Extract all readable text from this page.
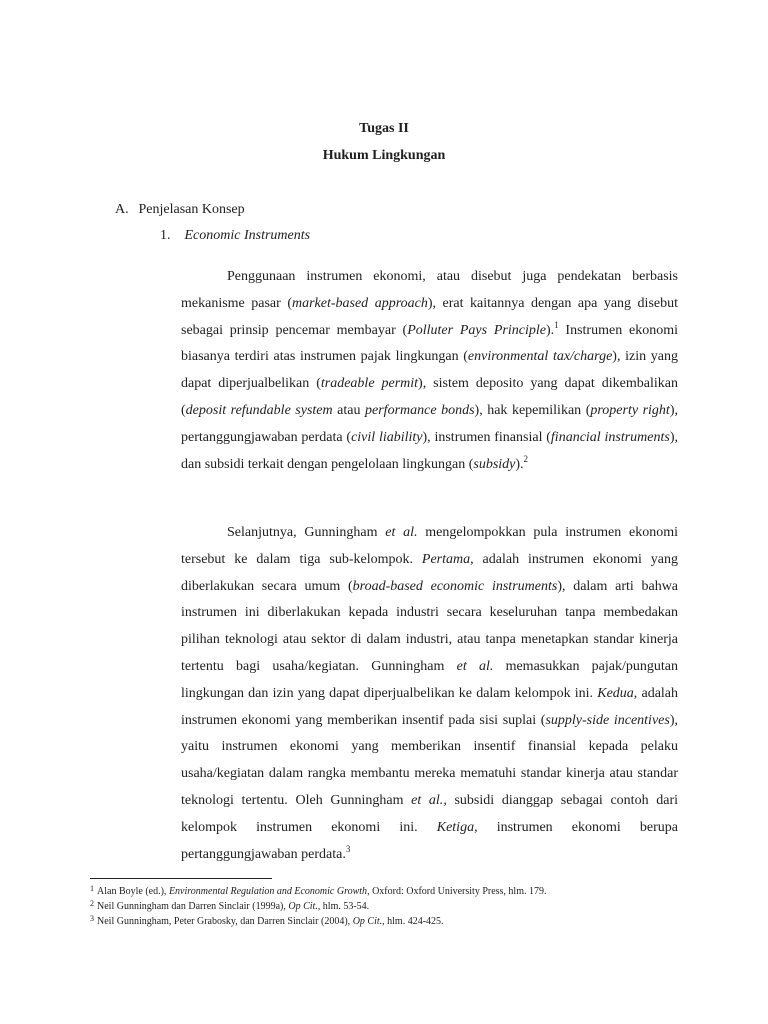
Tugas II
Hukum Lingkungan
A. Penjelasan Konsep
1. Economic Instruments

Penggunaan instrumen ekonomi, atau disebut juga pendekatan berbasis mekanisme pasar (market-based approach), erat kaitannya dengan apa yang disebut sebagai prinsip pencemar membayar (Polluter Pays Principle).$^1$ Instrumen ekonomi biasanya terdiri atas instrumen pajak lingkungan (environmental tax/charge), izin yang dapat diperjualbelikan (tradeable permit), sistem deposito yang dapat dikembalikan (deposit refundable system atau performance bonds), hak kepemilikan (property right), pertanggungjawaban perdata (civil liability), instrumen finansial (financial instruments), dan subsidi terkait dengan pengelolaan lingkungan (subsidy).$^2$

Selanjutnya, Gunningham et al. mengelompokkan pula instrumen ekonomi tersebut ke dalam tiga sub-kelompok. Pertama, adalah instrumen ekonomi yang diberlakukan secara umum (broad-based economic instruments), dalam arti bahwa instrumen ini diberlakukan kepada industri secara keseluruhan tanpa membedakan pilihan teknologi atau sektor di dalam industri, atau tanpa menetapkan standar kinerja tertentu bagi usaha/kegiatan. Gunningham et al. memasukkan pajak/pungutan lingkungan dan izin yang dapat diperjualbelikan ke dalam kelompok ini. Kedua, adalah instrumen ekonomi yang memberikan insentif pada sisi suplai (supply-side incentives), yaitu instrumen ekonomi yang memberikan insentif finansial kepada pelaku usaha/kegiatan dalam rangka membantu mereka mematuhi standar kinerja atau standar teknologi tertentu. Oleh Gunningham et al., subsidi dianggap sebagai contoh dari kelompok instrumen ekonomi ini. Ketiga, instrumen ekonomi berupa pertanggungjawaban perdata.$^3$

$^1$ Alan Boyle (ed.), Environmental Regulation and Economic Growth, Oxford: Oxford University Press, hlm. 179.
$^2$ Neil Gunningham dan Darren Sinclair (1999a), Op Cit., hlm. 53-54.
$^3$ Neil Gunningham, Peter Grabosky, dan Darren Sinclair (2004), Op Cit., hlm. 424-425.
